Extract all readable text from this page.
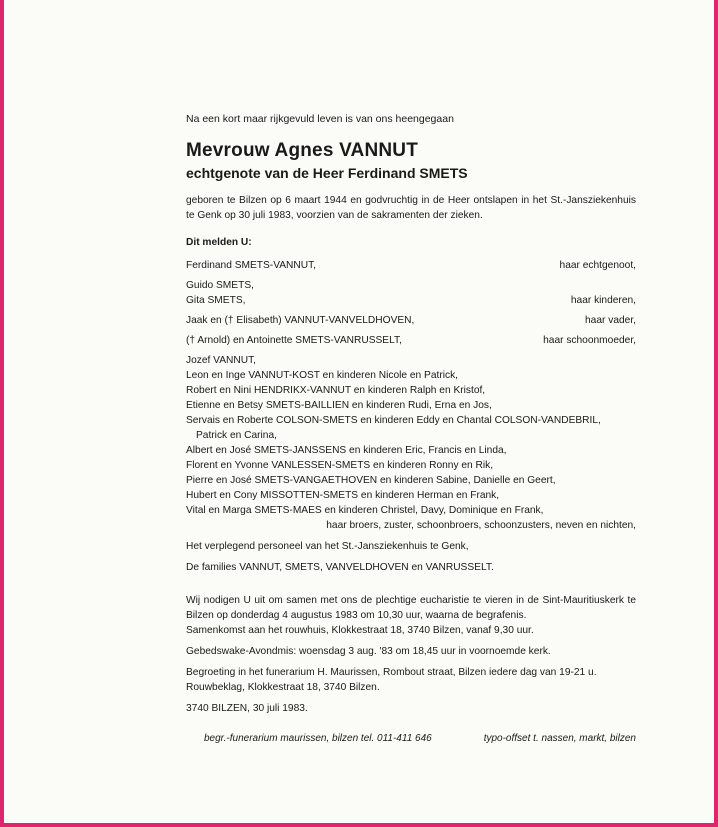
Na een kort maar rijkgevuld leven is van ons heengegaan
Mevrouw Agnes VANNUT
echtgenote van de Heer Ferdinand SMETS
geboren te Bilzen op 6 maart 1944 en godvruchtig in de Heer ontslapen in het St.-Jansziekenhuis te Genk op 30 juli 1983, voorzien van de sakramenten der zieken.
Dit melden U:
Ferdinand SMETS-VANNUT,	haar echtgenoot,
Guido SMETS,
Gita SMETS,	haar kinderen,
Jaak en († Elisabeth) VANNUT-VANVELDHOVEN,	haar vader,
(† Arnold) en Antoinette SMETS-VANRUSSELT,	haar schoonmoeder,
Jozef VANNUT,
Leon en Inge VANNUT-KOST en kinderen Nicole en Patrick,
Robert en Nini HENDRIKX-VANNUT en kinderen Ralph en Kristof,
Etienne en Betsy SMETS-BAILLIEN en kinderen Rudi, Erna en Jos,
Servais en Roberte COLSON-SMETS en kinderen Eddy en Chantal COLSON-VANDEBRIL,
Patrick en Carina,
Albert en José SMETS-JANSSENS en kinderen Eric, Francis en Linda,
Florent en Yvonne VANLESSEN-SMETS en kinderen Ronny en Rik,
Pierre en José SMETS-VANGAETHOVEN en kinderen Sabine, Danielle en Geert,
Hubert en Cony MISSOTTEN-SMETS en kinderen Herman en Frank,
Vital en Marga SMETS-MAES en kinderen Christel, Davy, Dominique en Frank,
haar broers, zuster, schoonbroers, schoonzusters, neven en nichten,
Het verplegend personeel van het St.-Jansziekenhuis te Genk,
De families VANNUT, SMETS, VANVELDHOVEN en VANRUSSELT.
Wij nodigen U uit om samen met ons de plechtige eucharistie te vieren in de Sint-Mauritiuskerk te Bilzen op donderdag 4 augustus 1983 om 10,30 uur, waarna de begrafenis.
Samenkomst aan het rouwhuis, Klokkestraat 18, 3740 Bilzen, vanaf 9,30 uur.
Gebedswake-Avondmis: woensdag 3 aug. '83 om 18,45 uur in voornoemde kerk.
Begroeting in het funerarium H. Maurissen, Rombout straat, Bilzen iedere dag van 19-21 u.
Rouwbeklag, Klokkestraat 18, 3740 Bilzen.
3740 BILZEN, 30 juli 1983.
begr.-funerarium maurissen, bilzen tel. 011-411 646	typo-offset t. nassen, markt, bilzen
